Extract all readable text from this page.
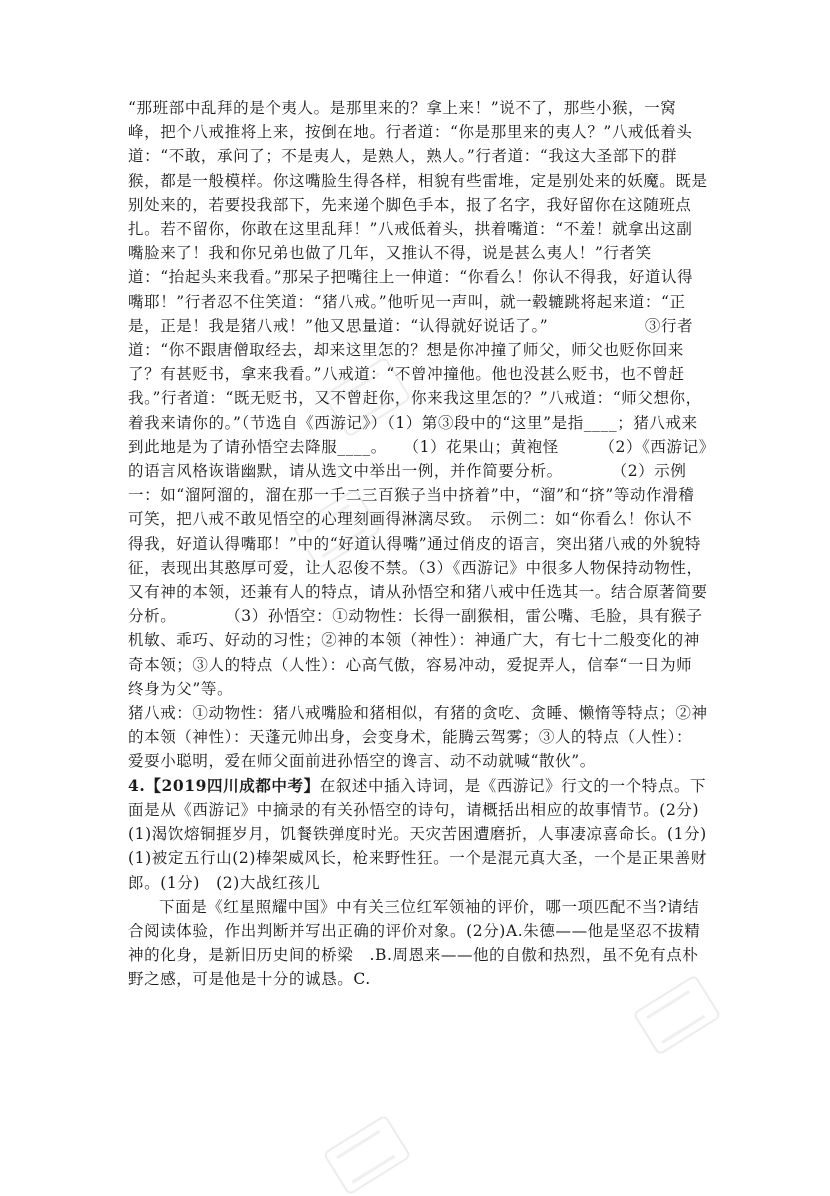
“那班部中乱拜的是个夷人。是那里来的？拿上来！”说不了，那些小猴，一窝峰，把个八戒推将上来，按倒在地。行者道：“你是那里来的夷人？”八戒低着头道：“不敢，承问了；不是夷人，是熟人，熟人。”行者道：“我这大圣部下的群猴，都是一般模样。你这嘴脸生得各样，相貌有些雷堆，定是别处来的妖魔。既是别处来的，若要投我部下，先来递个脚色手本，报了名字，我好留你在这随班点扎。若不留你，你敢在这里乱拜！”八戒低着头，拱着嘴道：“不羞！就拿出这副嘴脸来了！我和你兄弟也做了几年，又推认不得，说是甚么夷人！”行者笑道：“抬起头来我看。”那呆子把嘴往上一伸道：“你看么！你认不得我，好道认得嘴耶！”行者忍不住笑道：“猪八戒。”他听见一声叫，就一毂辘跳将起来道：“正是，正是！我是猪八戒！”他又思量道：“认得就好说话了。”　　　　　　③行者道：“你不跟唐僧取经去，却来这里怎的？想是你冲撞了师父，师父也贬你回来了？有甚贬书，拿来我看。”八戒道：“不曾冲撞他。他也没甚么贬书，也不曾赶我。”行者道：“既无贬书，又不曾赶你，你来我这里怎的？”八戒道：“师父想你，着我来请你的。”（节选自《西游记》）（1）第③段中的“这里”是指____；猪八戒来到此地是为了请孙悟空去降服____。　　（1）花果山；黄袍怪　　　（2）《西游记》的语言风格诙谐幽默，请从选文中举出一例，并作简要分析。　　　　（2）示例一：如“溜阿溜的，溜在那一千二三百猴子当中挤着”中，“溜”和“挤”等动作滑稽可笑，把八戒不敢见悟空的心理刻画得淋漓尽致。　示例二：如“你看么！你认不得我，好道认得嘴耶！”中的“好道认得嘴”通过俏皮的语言，突出猪八戒的外貌特征，表现出其憨厚可爱，让人忍俊不禁。（3）《西游记》中很多人物保持动物性，又有神的本领，还兼有人的特点，请从孙悟空和猪八戒中任选其一。结合原著简要分析。　　　　（3）孙悟空：①动物性：长得一副猴相，雷公嘴、毛脸，具有猴子机敏、乖巧、好动的习性；②神的本领（神性）：神通广大，有七十二般变化的神奇本领；③人的特点（人性）：心高气傲，容易冲动，爱捉弄人，信奉“一日为师终身为父”等。

猪八戒：①动物性：猪八戒嘴脸和猪相似，有猪的贪吃、贪睡、懒惰等特点；②神的本领（神性）：天蓬元帅出身，会变身术，能腾云驾雾；③人的特点（人性）：爱耍小聪明，爱在师父面前进孙悟空的谗言、动不动就喊“散伙”。

4.【2019四川成都中考】在叙述中插入诗词，是《西游记》行文的一个特点。下面是从《西游记》中摘录的有关孙悟空的诗句，请概括出相应的故事情节。(2分)(1)渴饮熔铜捱岁月，饥餐铁弹度时光。天灾苦困遭磨折，人事凄凉喜命长。(1分)　　　(1)被定五行山(2)棒架威风长，枪来野性狂。一个是混元真大圣，一个是正果善财郎。(1分)　(2)大战红孩儿

下面是《红星照耀中国》中有关三位红军领袖的评价，哪一项匹配不当?请结合阅读体验，作出判断并写出正确的评价对象。(2分)A.朱德——他是坚忍不拔精神的化身，是新旧历史间的桥梁　.B.周恩来——他的自傲和热烈，虽不免有点朴野之感，可是他是十分的诚恳。C.
